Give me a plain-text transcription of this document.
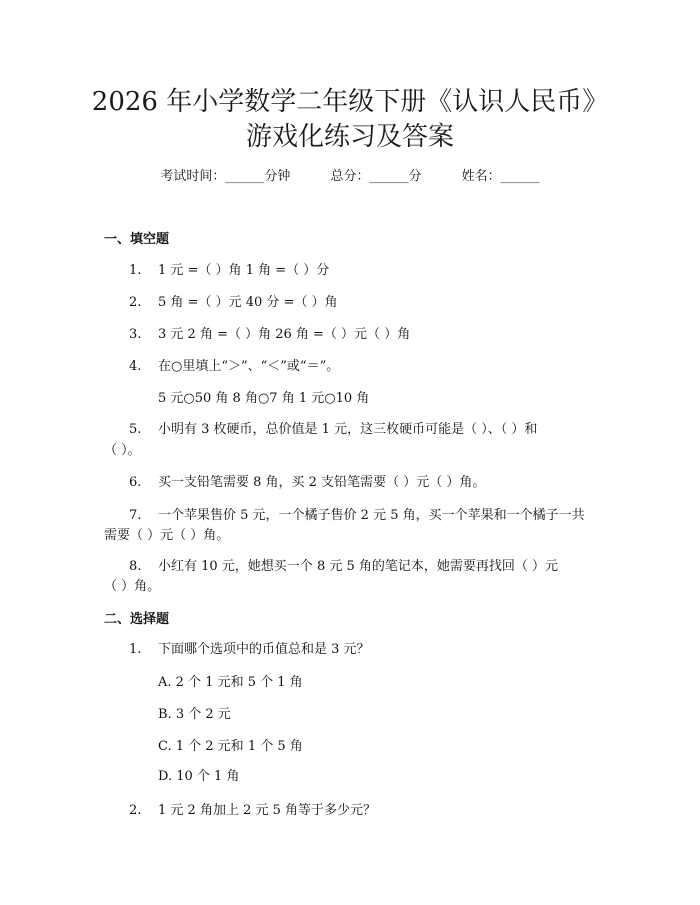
2026 年小学数学二年级下册《认识人民币》
游戏化练习及答案
考试时间：______分钟	总分：______分	姓名：______
一、填空题
1. 1 元 =（ ）角 1 角 =（ ）分
2. 5 角 =（ ）元 40 分 =（ ）角
3. 3 元 2 角 =（ ）角 26 角 =（ ）元（ ）角
4. 在○里填上“＞”、“＜”或“＝”。
5 元○50 角 8 角○7 角 1 元○10 角
5. 小明有 3 枚硬币，总价值是 1 元，这三枚硬币可能是（ ）、（ ）和
（ ）。
6. 买一支铅笔需要 8 角，买 2 支铅笔需要（ ）元（ ）角。
7. 一个苹果售价 5 元，一个橘子售价 2 元 5 角，买一个苹果和一个橘子一共
需要（ ）元（ ）角。
8. 小红有 10 元，她想买一个 8 元 5 角的笔记本，她需要再找回（ ）元
（ ）角。
二、选择题
1. 下面哪个选项中的币值总和是 3 元？
A. 2 个 1 元和 5 个 1 角
B. 3 个 2 元
C. 1 个 2 元和 1 个 5 角
D. 10 个 1 角
2. 1 元 2 角加上 2 元 5 角等于多少元？
